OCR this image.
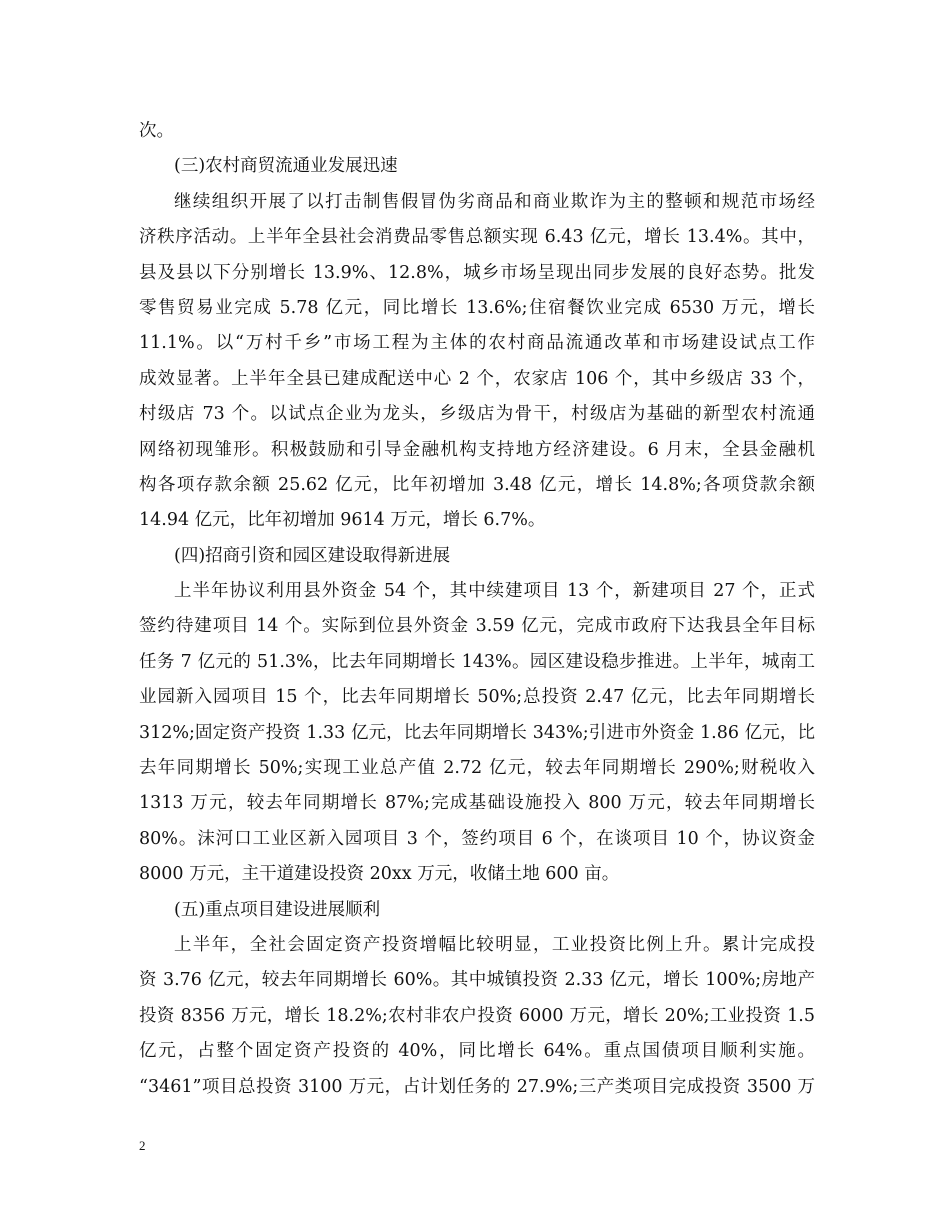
次。
(三)农村商贸流通业发展迅速
继续组织开展了以打击制售假冒伪劣商品和商业欺诈为主的整顿和规范市场经
济秩序活动。上半年全县社会消费品零售总额实现 6.43 亿元，增长 13.4%。其中，
县及县以下分别增长 13.9%、12.8%，城乡市场呈现出同步发展的良好态势。批发
零售贸易业完成 5.78 亿元，同比增长 13.6%;住宿餐饮业完成 6530 万元，增长
11.1%。以“万村千乡”市场工程为主体的农村商品流通改革和市场建设试点工作
成效显著。上半年全县已建成配送中心 2 个，农家店 106 个，其中乡级店 33 个，
村级店 73 个。以试点企业为龙头，乡级店为骨干，村级店为基础的新型农村流通
网络初现雏形。积极鼓励和引导金融机构支持地方经济建设。6 月末，全县金融机
构各项存款余额 25.62 亿元，比年初增加 3.48 亿元，增长 14.8%;各项贷款余额
14.94 亿元，比年初增加 9614 万元，增长 6.7%。
(四)招商引资和园区建设取得新进展
上半年协议利用县外资金 54 个，其中续建项目 13 个，新建项目 27 个，正式
签约待建项目 14 个。实际到位县外资金 3.59 亿元，完成市政府下达我县全年目标
任务 7 亿元的 51.3%，比去年同期增长 143%。园区建设稳步推进。上半年，城南工
业园新入园项目 15 个，比去年同期增长 50%;总投资 2.47 亿元，比去年同期增长
312%;固定资产投资 1.33 亿元，比去年同期增长 343%;引进市外资金 1.86 亿元，比
去年同期增长 50%;实现工业总产值 2.72 亿元，较去年同期增长 290%;财税收入
1313 万元，较去年同期增长 87%;完成基础设施投入 800 万元，较去年同期增长
80%。沫河口工业区新入园项目 3 个，签约项目 6 个，在谈项目 10 个，协议资金
8000 万元，主干道建设投资 20xx 万元，收储土地 600 亩。
(五)重点项目建设进展顺利
上半年，全社会固定资产投资增幅比较明显，工业投资比例上升。累计完成投
资 3.76 亿元，较去年同期增长 60%。其中城镇投资 2.33 亿元，增长 100%;房地产
投资 8356 万元，增长 18.2%;农村非农户投资 6000 万元，增长 20%;工业投资 1.5
亿元，占整个固定资产投资的 40%，同比增长 64%。重点国债项目顺利实施。
“3461”项目总投资 3100 万元，占计划任务的 27.9%;三产类项目完成投资 3500 万
2
